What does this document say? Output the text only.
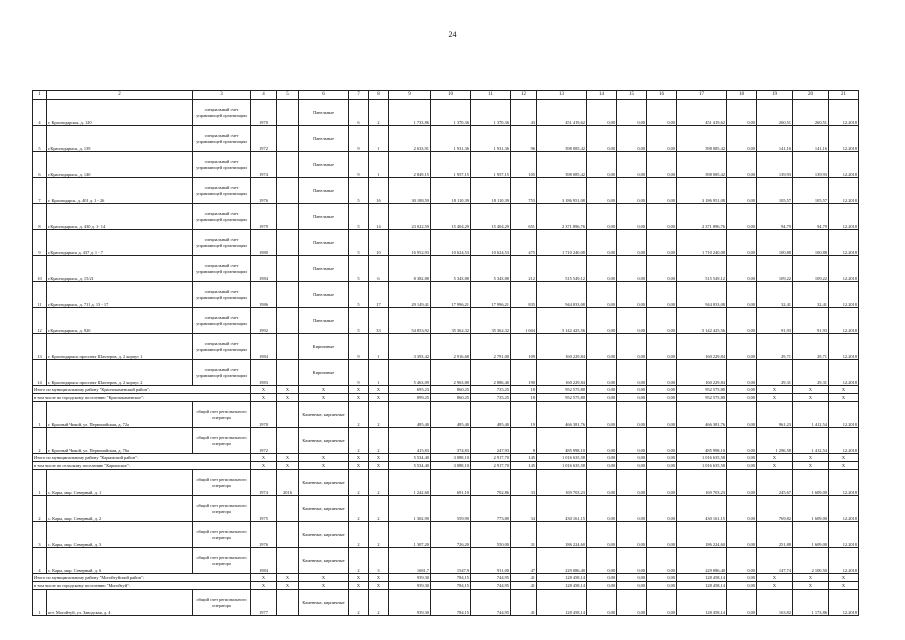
24
1	2	3	4	5	6	7	8	9	10	11	12	13	14	15	16	17	18	19	20	21
4	г. Краснодарскы, д. 120	специальный счет управляющей организации	1970		Панельные	6	2	1 733,86	1 370,36	1 370,36	43	451 419,62	0,00	0,00	0,00	451 419,62	0,00	260,51	260,51	12.2018
5	г.Краснодарыск, д. 139	специальный счет управляющей организации	1972		Панельные	9	1	2 633,91	1 931,36	1 931,36	96	398 085,42	0,00	0,00	0,00	398 085,42	0,00	141,16	141,16	12.2018
6	г.Краснодарыск, д. 140	специальный счет управляющей организации	1974		Панельные	9	1	2 849,15	1 957,15	1 957,15	105	398 085,42	0,00	0,00	0,00	398 085,42	0,00	139,93	139,93	12.2018
7	г. Краснодарск, д. 401 д. 1 - 26	специальный счет управляющей организации	1976		Панельные	5	16	30 188,59	18 110,39	18 110,39	753	3 186 951,08	0,00	0,00	0,00	3 186 951,08	0,00	105,57	105,57	12.2018
8	г.Краснодарыск, д. 430 д. 1- 14	специальный счет управляющей организации	1979		Панельные	5	14	23 022,59	15 404,29	15 404,29	651	2 371 896,76	0,00	0,00	0,00	2 371 896,76	0,00	94,79	94,79	12.2018
9	г.Краснодарыск д. 437 д. 1 - 7	специальный счет управляющей организации	1980		Панельные	5	10	16 952,93	10 624,53	10 624,53	475	1 710 240,08	0,00	0,00	0,00	1 710 240,08	0,00	100,88	100,88	12.2018
10	г.Краснодарыск, д. 15/21	специальный счет управляющей организации	1984		Панельные	5	6	8 382,88	5 343,88	5 343,88	212	515 549,12	0,00	0,00	0,00	515 549,12	0,00	109,22	109,22	12.2018
11	г.Краснодарыск, д. 711 д. 13 - 17	специальный счет управляющей организации	1986		Панельные	5	17	29 149,41	17 996,21	17 996,21	835	944 833,08	0,00	0,00	0,00	944 833,08	0,00	32,41	32,41	12.2018
12	г.Краснодарыск, д. 920	специальный счет управляющей организации	1992		Панельные	5	33	54 853,92	35 362,32	35 362,32	1 604	5 142 425,56	0,00	0,00	0,00	5 142 425,56	0,00	91,93	91,93	12.2018
13	г. Краснодарыск проспект Шахтеров, д. 2 корпус 1	специальный счет управляющей организации	1984		Кирпичные	9	1	3 393,42	2 916,68	2 791,00	109	160 229,84	0,00	0,00	0,00	160 229,84	0,00	29,71	29,71	12.2018
14	г. Краснодарыск проспект Шахтеров, д. 2 корпус 2	специальный счет управляющей организации	1983		Кирпичные	9	1	5 463,09	2 963,80	2 886,40	190	160 229,84	0,00	0,00	0,00	160 229,84	0,00	29,31	29,31	12.2018
Итого по муниципальному району "Краснокаменский район":			X	X	X	X	X	695,23	860,25	735,25	18	952 575,80	0,00	0,00	0,00	952 575,80	0,00	X	X	X
в том числе по городскому поселению "Краснокаменское":			X	X	X	X	X	899,25	860,25	735,25	18	952 575,80	0,00	0,00	0,00	952 575,80	0,00	X	X	X
1	г. Красный Чикой, ул. Первомайская, д. 72а	общий счет регионального оператора	1970		Каменные, кирпичные	2	2	485,40	485,40	485,40	19	466 381,76	0,00	0,00	0,00	466 381,76	0,00	961,23	1 412,54	12.2018
2	г. Красный Чикой, ул. Первомайская, д. 76а	общий счет регионального оператора	1972		Каменные, кирпичные	2	2	415,83	374,83	247,93	8	485 998,10	0,00	0,00	0,00	485 998,10	0,00	1 296,58	1 412,54	12.2018
Итого по муниципальному району "Карымский район":			X	X	X	X	X	5 534,40	3 088,10	2 917,70	145	1 016 635,58	0,00	0,00	0,00	1 016 635,58	0,00	X	X	X
в том числе по сельскому поселению "Карымское":			X	X	X	X	X	5 534,40	3 088,10	2 917,70	145	1 016 635,58	0,00	0,00	0,00	1 016 635,58	0,00	X	X	X
1	с. Кары, мкр. Северный, д. 1	общий счет регионального оператора	1974	2016	Каменные, кирпичные	2	2	1 242,60	691,10	702,86	33	169 703,23	0,00	0,00	0,00	169 703,23	0,00	245,67	1 609,00	12.2018
2	с. Кары, мкр. Северный, д. 2	общий счет регионального оператора	1975		Каменные, кирпичные	2	2	1 302,90	559,90	773,80	34	430 161,15	0,00	0,00	0,00	430 161,15	0,00	769,82	1 609,00	12.2018
3	с. Кары, мкр. Северный, д. 3	общий счет регионального оператора	1976		Каменные, кирпичные	2	2	1 307,20	726,20	550,00	31	186 224,60	0,00	0,00	0,00	186 224,60	0,00	251,88	1 609,00	12.2018
4	с. Кары, мкр. Северный, д. 6	общий счет регионального оператора	1984		Каменные, кирпичные	2	3	1681,7	1547,9	911,00	47	229 086,40	0,00	0,00	0,00	229 086,40	0,00	147,74	2 100,50	12.2018
Итого по муниципальному району "Могойтуйский район":			X	X	X	X	X	939,30	784,15	744,95	41	128 458,14	0,00	0,00	0,00	128 458,14	0,00	X	X	X
в том числе по городскому поселению "Могойтуй":			X	X	X	X	X	939,30	784,15	744,95	41	128 458,14	0,00	0,00	0,00	128 458,14	0,00	X	X	X
1	пгт. Могойтуй, ул. Заводская, д. 4	общий счет регионального оператора	1977		Каменные, кирпичные	2	2	939,30	784,15	744,95	41	128 458,14	0,00	0,00	0,00	128 458,14	0,00	163,82	1 173,86	12.2018
